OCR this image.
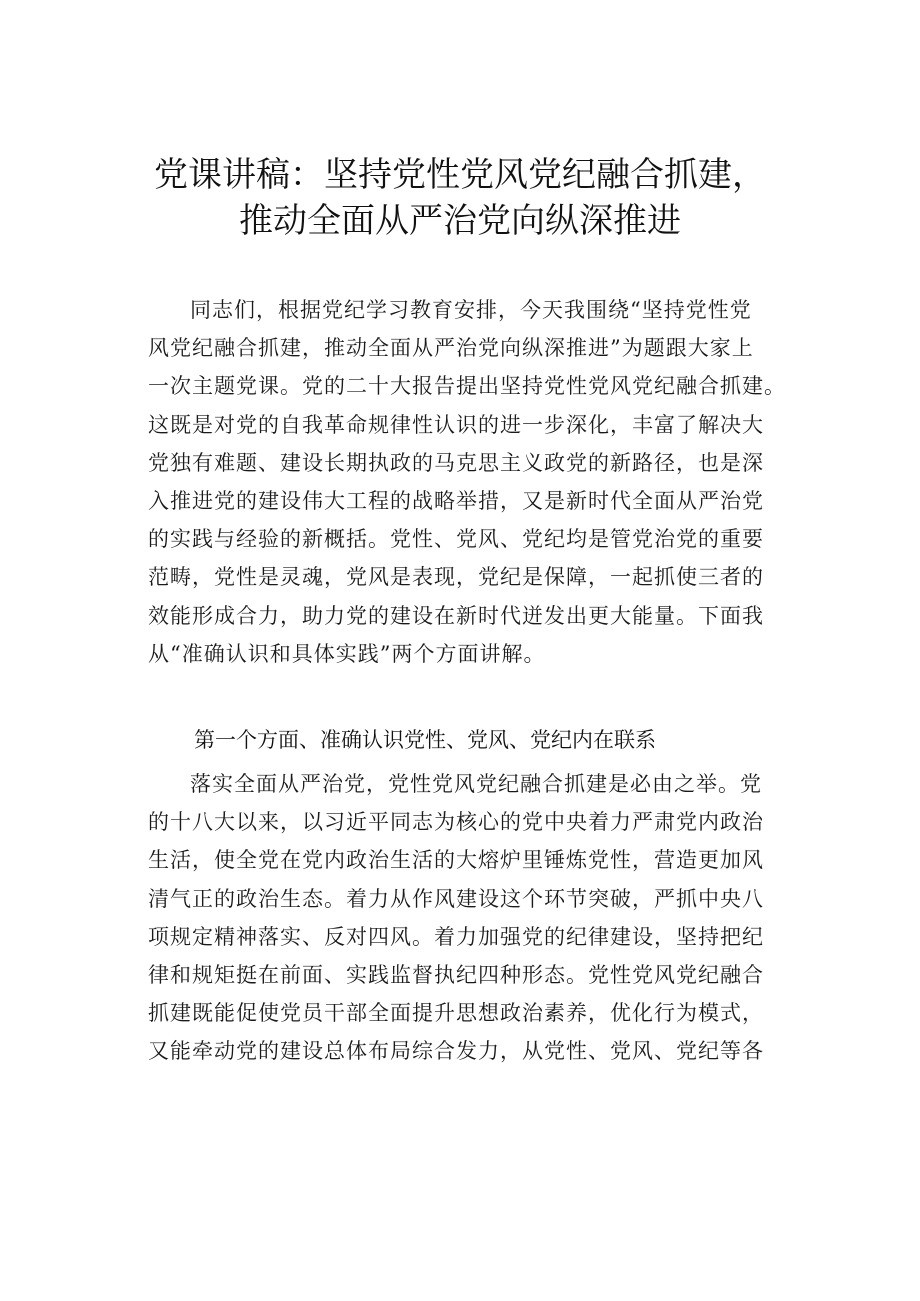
党课讲稿：坚持党性党风党纪融合抓建，
推动全面从严治党向纵深推进

同志们，根据党纪学习教育安排，今天我围绕“坚持党性党
风党纪融合抓建，推动全面从严治党向纵深推进”为题跟大家上
一次主题党课。党的二十大报告提出坚持党性党风党纪融合抓建。
这既是对党的自我革命规律性认识的进一步深化，丰富了解决大
党独有难题、建设长期执政的马克思主义政党的新路径，也是深
入推进党的建设伟大工程的战略举措，又是新时代全面从严治党
的实践与经验的新概括。党性、党风、党纪均是管党治党的重要
范畴，党性是灵魂，党风是表现，党纪是保障，一起抓使三者的
效能形成合力，助力党的建设在新时代迸发出更大能量。下面我
从“准确认识和具体实践”两个方面讲解。

第一个方面、准确认识党性、党风、党纪内在联系

落实全面从严治党，党性党风党纪融合抓建是必由之举。党
的十八大以来，以习近平同志为核心的党中央着力严肃党内政治
生活，使全党在党内政治生活的大熔炉里锤炼党性，营造更加风
清气正的政治生态。着力从作风建设这个环节突破，严抓中央八
项规定精神落实、反对四风。着力加强党的纪律建设，坚持把纪
律和规矩挺在前面、实践监督执纪四种形态。党性党风党纪融合
抓建既能促使党员干部全面提升思想政治素养，优化行为模式，
又能牵动党的建设总体布局综合发力，从党性、党风、党纪等各
